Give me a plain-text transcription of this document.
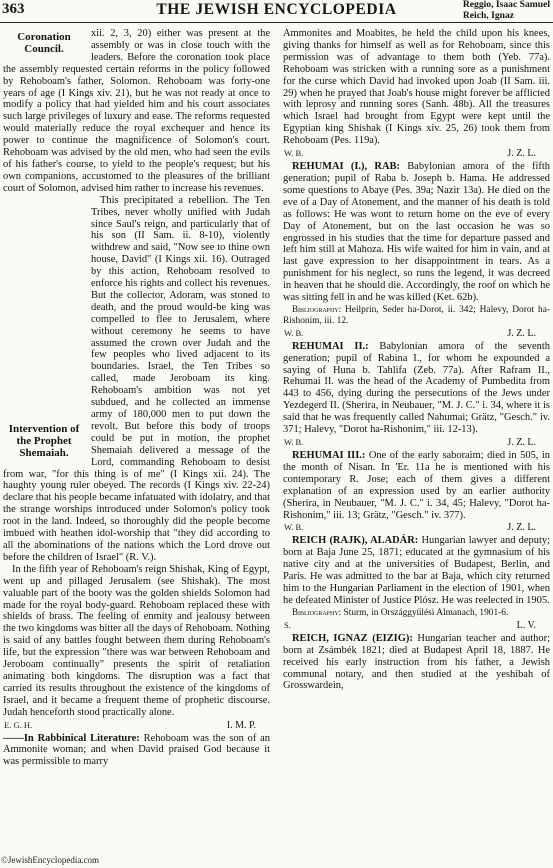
363	THE JEWISH ENCYCLOPEDIA	Reggio, Isaac Samuel
Reich, Ignaz

Coronation Council.
xii. 2, 3, 20) either was present at the assembly or was in close touch with the leaders. Before the coronation took place the assembly requested certain reforms in the policy followed by Rehoboam's father, Solomon. Rehoboam was forty-one years of age (I Kings xiv. 21), but he was not ready at once to modify a policy that had yielded him and his court associates such large privileges of luxury and ease. The reforms requested would materially reduce the royal exchequer and hence its power to continue the magnificence of Solomon's court. Rehoboam was advised by the old men, who had seen the evils of his father's course, to yield to the people's request; but his own companions, accustomed to the pleasures of the brilliant court of Solomon, advised him rather to increase his revenues.

Intervention of the Prophet Shemaiah.
This precipitated a rebellion. The Ten Tribes, never wholly unified with Judah since Saul's reign, and particularly that of his son (II Sam. ii. 8-10), violently withdrew and said, "Now see to thine own house, David" (I Kings xii. 16). Outraged by this action, Rehoboam resolved to enforce his rights and collect his revenues. But the collector, Adoram, was stoned to death, and the proud would-be king was compelled to flee to Jerusalem, where without ceremony he seems to have assumed the crown over Judah and the few peoples who lived adjacent to its boundaries. Israel, the Ten Tribes so called, made Jeroboam its king. Rehoboam's ambition was not yet subdued, and he collected an immense army of 180,000 men to put down the revolt. But before this body of troops could be put in motion, the prophet Shemaiah delivered a message of the Lord, commanding Rehoboam to desist from war, "for this thing is of me" (I Kings xii. 24). The haughty young ruler obeyed. The records (I Kings xiv. 22-24) declare that his people became infatuated with idolatry, and that the strange worships introduced under Solomon's policy took root in the land. Indeed, so thoroughly did the people become imbued with heathen idol-worship that "they did according to all the abominations of the nations which the Lord drove out before the children of Israel" (R. V.).

In the fifth year of Rehoboam's reign Shishak, King of Egypt, went up and pillaged Jerusalem (see Shishak). The most valuable part of the booty was the golden shields Solomon had made for the royal body-guard. Rehoboam replaced these with shields of brass. The feeling of enmity and jealousy between the two kingdoms was bitter all the days of Rehoboam. Nothing is said of any battles fought between them during Rehoboam's life, but the expression "there was war between Rehoboam and Jeroboam continually" presents the spirit of retaliation animating both kingdoms. The disruption was a fact that carried its results throughout the existence of the kingdoms of Israel, and it became a frequent theme of prophetic discourse. Judah henceforth stood practically alone.

E. G. H.	I. M. P.

——In Rabbinical Literature: Rehoboam was the son of an Ammonite woman; and when David praised God because it was permissible to marry

Ammonites and Moabites, he held the child upon his knees, giving thanks for himself as well as for Rehoboam, since this permission was of advantage to them both (Yeb. 77a). Rehoboam was stricken with a running sore as a punishment for the curse which David had invoked upon Joab (II Sam. iii. 29) when he prayed that Joab's house might forever be afflicted with leprosy and running sores (Sanh. 48b). All the treasures which Israel had brought from Egypt were kept until the Egyptian king Shishak (I Kings xiv. 25, 26) took them from Rehoboam (Pes. 119a).

W. B.	J. Z. L.

REHUMAI (I.), RAB: Babylonian amora of the fifth generation; pupil of Raba b. Joseph b. Hama. He addressed some questions to Abaye (Pes. 39a; Nazir 13a). He died on the eve of a Day of Atonement, and the manner of his death is told as follows: He was wont to return home on the eve of every Day of Atonement, but on the last occasion he was so engrossed in his studies that the time for departure passed and left him still at Mahoza. His wife waited for him in vain, and at last gave expression to her disappointment in tears. As a punishment for his neglect, so runs the legend, it was decreed in heaven that he should die. Accordingly, the roof on which he was sitting fell in and he was killed (Ket. 62b).

Bibliography: Heilprin, Seder ha-Dorot, ii. 342; Halevy, Dorot ha-Rishonim, iii. 12.

W. B.	J. Z. L.

REHUMAI II.: Babylonian amora of the seventh generation; pupil of Rabina I., for whom he expounded a saying of Huna b. Tahlifa (Zeb. 77a). After Rafram II., Rehumai II. was the head of the Academy of Pumbedita from 443 to 456, dying during the persecutions of the Jews under Yezdegerd II. (Sherira, in Neubauer, "M. J. C." i. 34, where it is said that he was frequently called Nahumai; Grätz, "Gesch." iv. 371; Halevy, "Dorot ha-Rishonim," iii. 12-13).

W. B.	J. Z. L.

REHUMAI III.: One of the early saboraim; died in 505, in the month of Nisan. In 'Er. 11a he is mentioned with his contemporary R. Jose; each of them gives a different explanation of an expression used by an earlier authority (Sherira, in Neubauer, "M. J. C." i. 34, 45; Halevy, "Dorot ha-Rishonim," iii. 13; Grätz, "Gesch." iv. 377).

W. B.	J. Z. L.

REICH (RAJK), ALADÁR: Hungarian lawyer and deputy; born at Baja June 25, 1871; educated at the gymnasium of his native city and at the universities of Budapest, Berlin, and Paris. He was admitted to the bar at Baja, which city returned him to the Hungarian Parliament in the election of 1901, when he defeated Minister of Justice Plósz. He was reelected in 1905.

Bibliography: Sturm, in Országgyűlési Almanach, 1901-6.

S.	L. V.

REICH, IGNAZ (EIZIG): Hungarian teacher and author; born at Zsámbék 1821; died at Budapest April 18, 1887. He received his early instruction from his father, a Jewish communal notary, and then studied at the yeshibah of Grosswardein,

©JewishEncyclopedia.com
